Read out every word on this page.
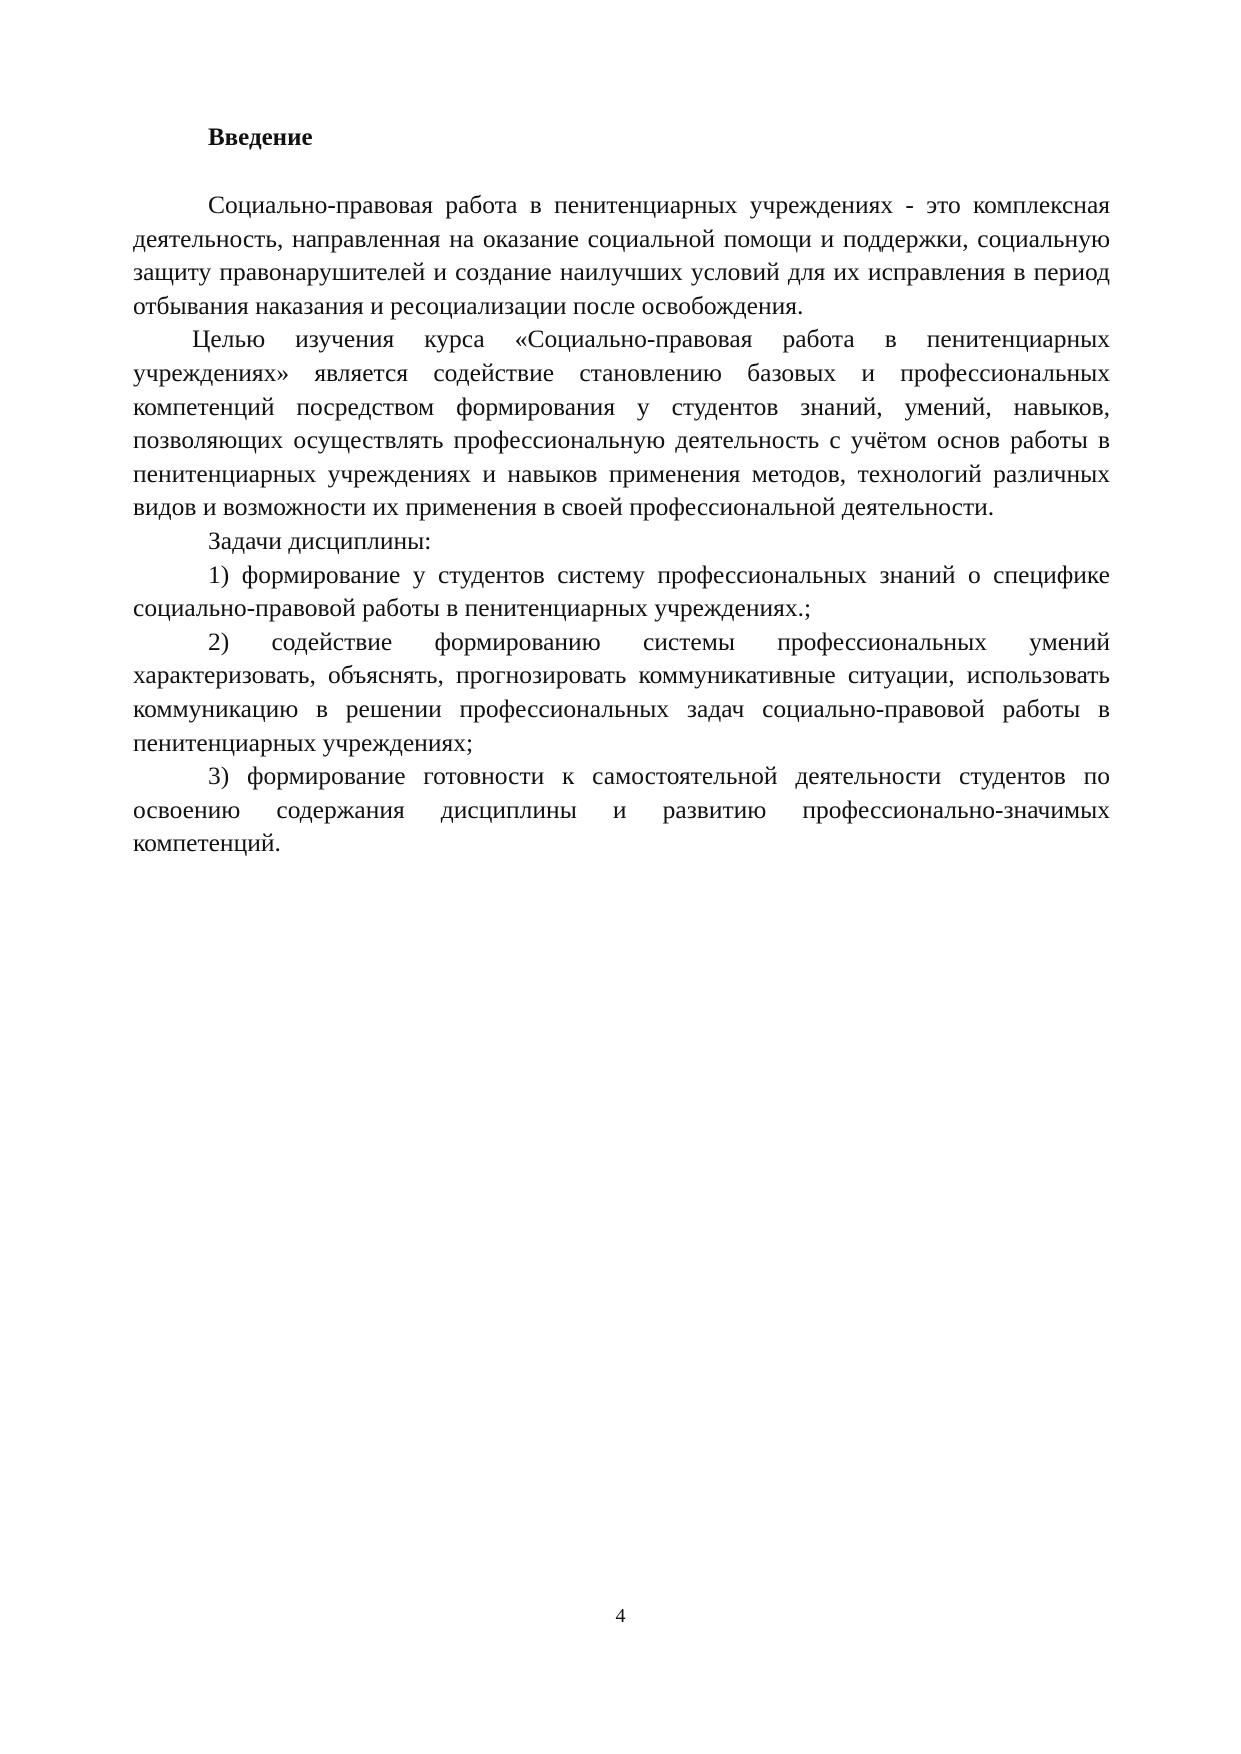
Введение

Социально-правовая работа в пенитенциарных учреждениях - это комплексная деятельность, направленная на оказание социальной помощи и поддержки, социальную защиту правонарушителей и создание наилучших условий для их исправления в период отбывания наказания и ресоциализации после освобождения.

Целью изучения курса «Социально-правовая работа в пенитенциарных учреждениях» является содействие становлению базовых и профессиональных компетенций посредством формирования у студентов знаний, умений, навыков, позволяющих осуществлять профессиональную деятельность с учётом основ работы в пенитенциарных учреждениях и навыков применения методов, технологий различных видов и возможности их применения в своей профессиональной деятельности.

Задачи дисциплины:

1) формирование у студентов систему профессиональных знаний о специфике социально-правовой работы в пенитенциарных учреждениях.;

2) содействие формированию системы профессиональных умений характеризовать, объяснять, прогнозировать коммуникативные ситуации, использовать коммуникацию в решении профессиональных задач социально-правовой работы в пенитенциарных учреждениях;

3) формирование готовности к самостоятельной деятельности студентов по освоению содержания дисциплины и развитию профессионально-значимых компетенций.

4
